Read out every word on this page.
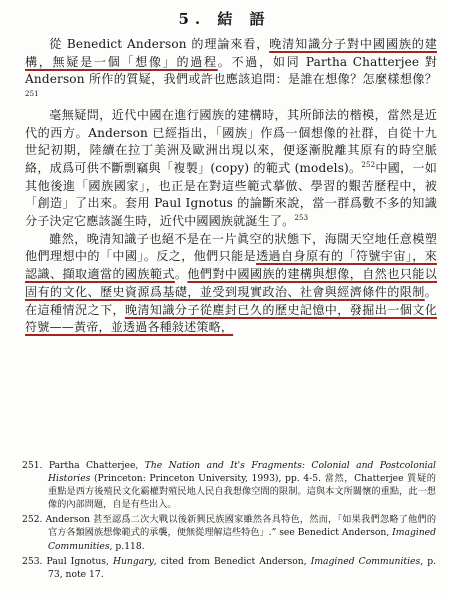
5. 結 語

從 Benedict Anderson 的理論來看，晚清知識分子對中國國族的建構，無疑是一個「想像」的過程。不過，如同 Partha Chatterjee 對 Anderson 所作的質疑，我們或許也應該追問：是誰在想像？怎麼樣想像？$^{251}$

毫無疑問，近代中國在進行國族的建構時，其所師法的楷模，當然是近代的西方。Anderson 已經指出，「國族」作爲一個想像的社群，自從十九世紀初期，陸續在拉丁美洲及歐洲出現以來，便逐漸脫離其原有的時空脈絡，成爲可供不斷剽竊與「複製」(copy) 的範式 (models)。$^{252}$中國，一如其他後進「國族國家」，也正是在對這些範式摹倣、學習的艱苦歷程中，被「創造」了出來。套用 Paul Ignotus 的論斷來說，當一群爲數不多的知識分子決定它應該誕生時，近代中國國族就誕生了。$^{253}$

雖然，晚清知識子也絕不是在一片眞空的狀態下，海闊天空地任意模塑他們理想中的「中國」。反之，他們只能是透過自身原有的「符號宇宙」，來認識、擷取適當的國族範式。他們對中國國族的建構與想像，自然也只能以固有的文化、歷史資源爲基礎，並受到現實政治、社會與經濟條件的限制。在這種情況之下，晚清知識分子從塵封已久的歷史記憶中，發掘出一個文化符號——黃帝，並透過各種敍述策略，

251. Partha Chatterjee, The Nation and It's Fragments: Colonial and Postcolonial Histories (Princeton: Princeton University, 1993), pp. 4-5. 當然，Chatterjee 質疑的重點是西方後殖民文化霸權對殖民地人民自我想像空間的限制。這與本文所關懷的重點，此一想像的內部問題，自是有些出入。

252. Anderson 甚至認爲二次大戰以後新興民族國家雖然各具特色，然而，「如果我們忽略了他們的官方各類國族想像範式的承襲，便無從理解這些特色」.” see Benedict Anderson, Imagined Communities, p.118.

253. Paul Ignotus, Hungary, cited from Benedict Anderson, Imagined Communities, p. 73, note 17.
